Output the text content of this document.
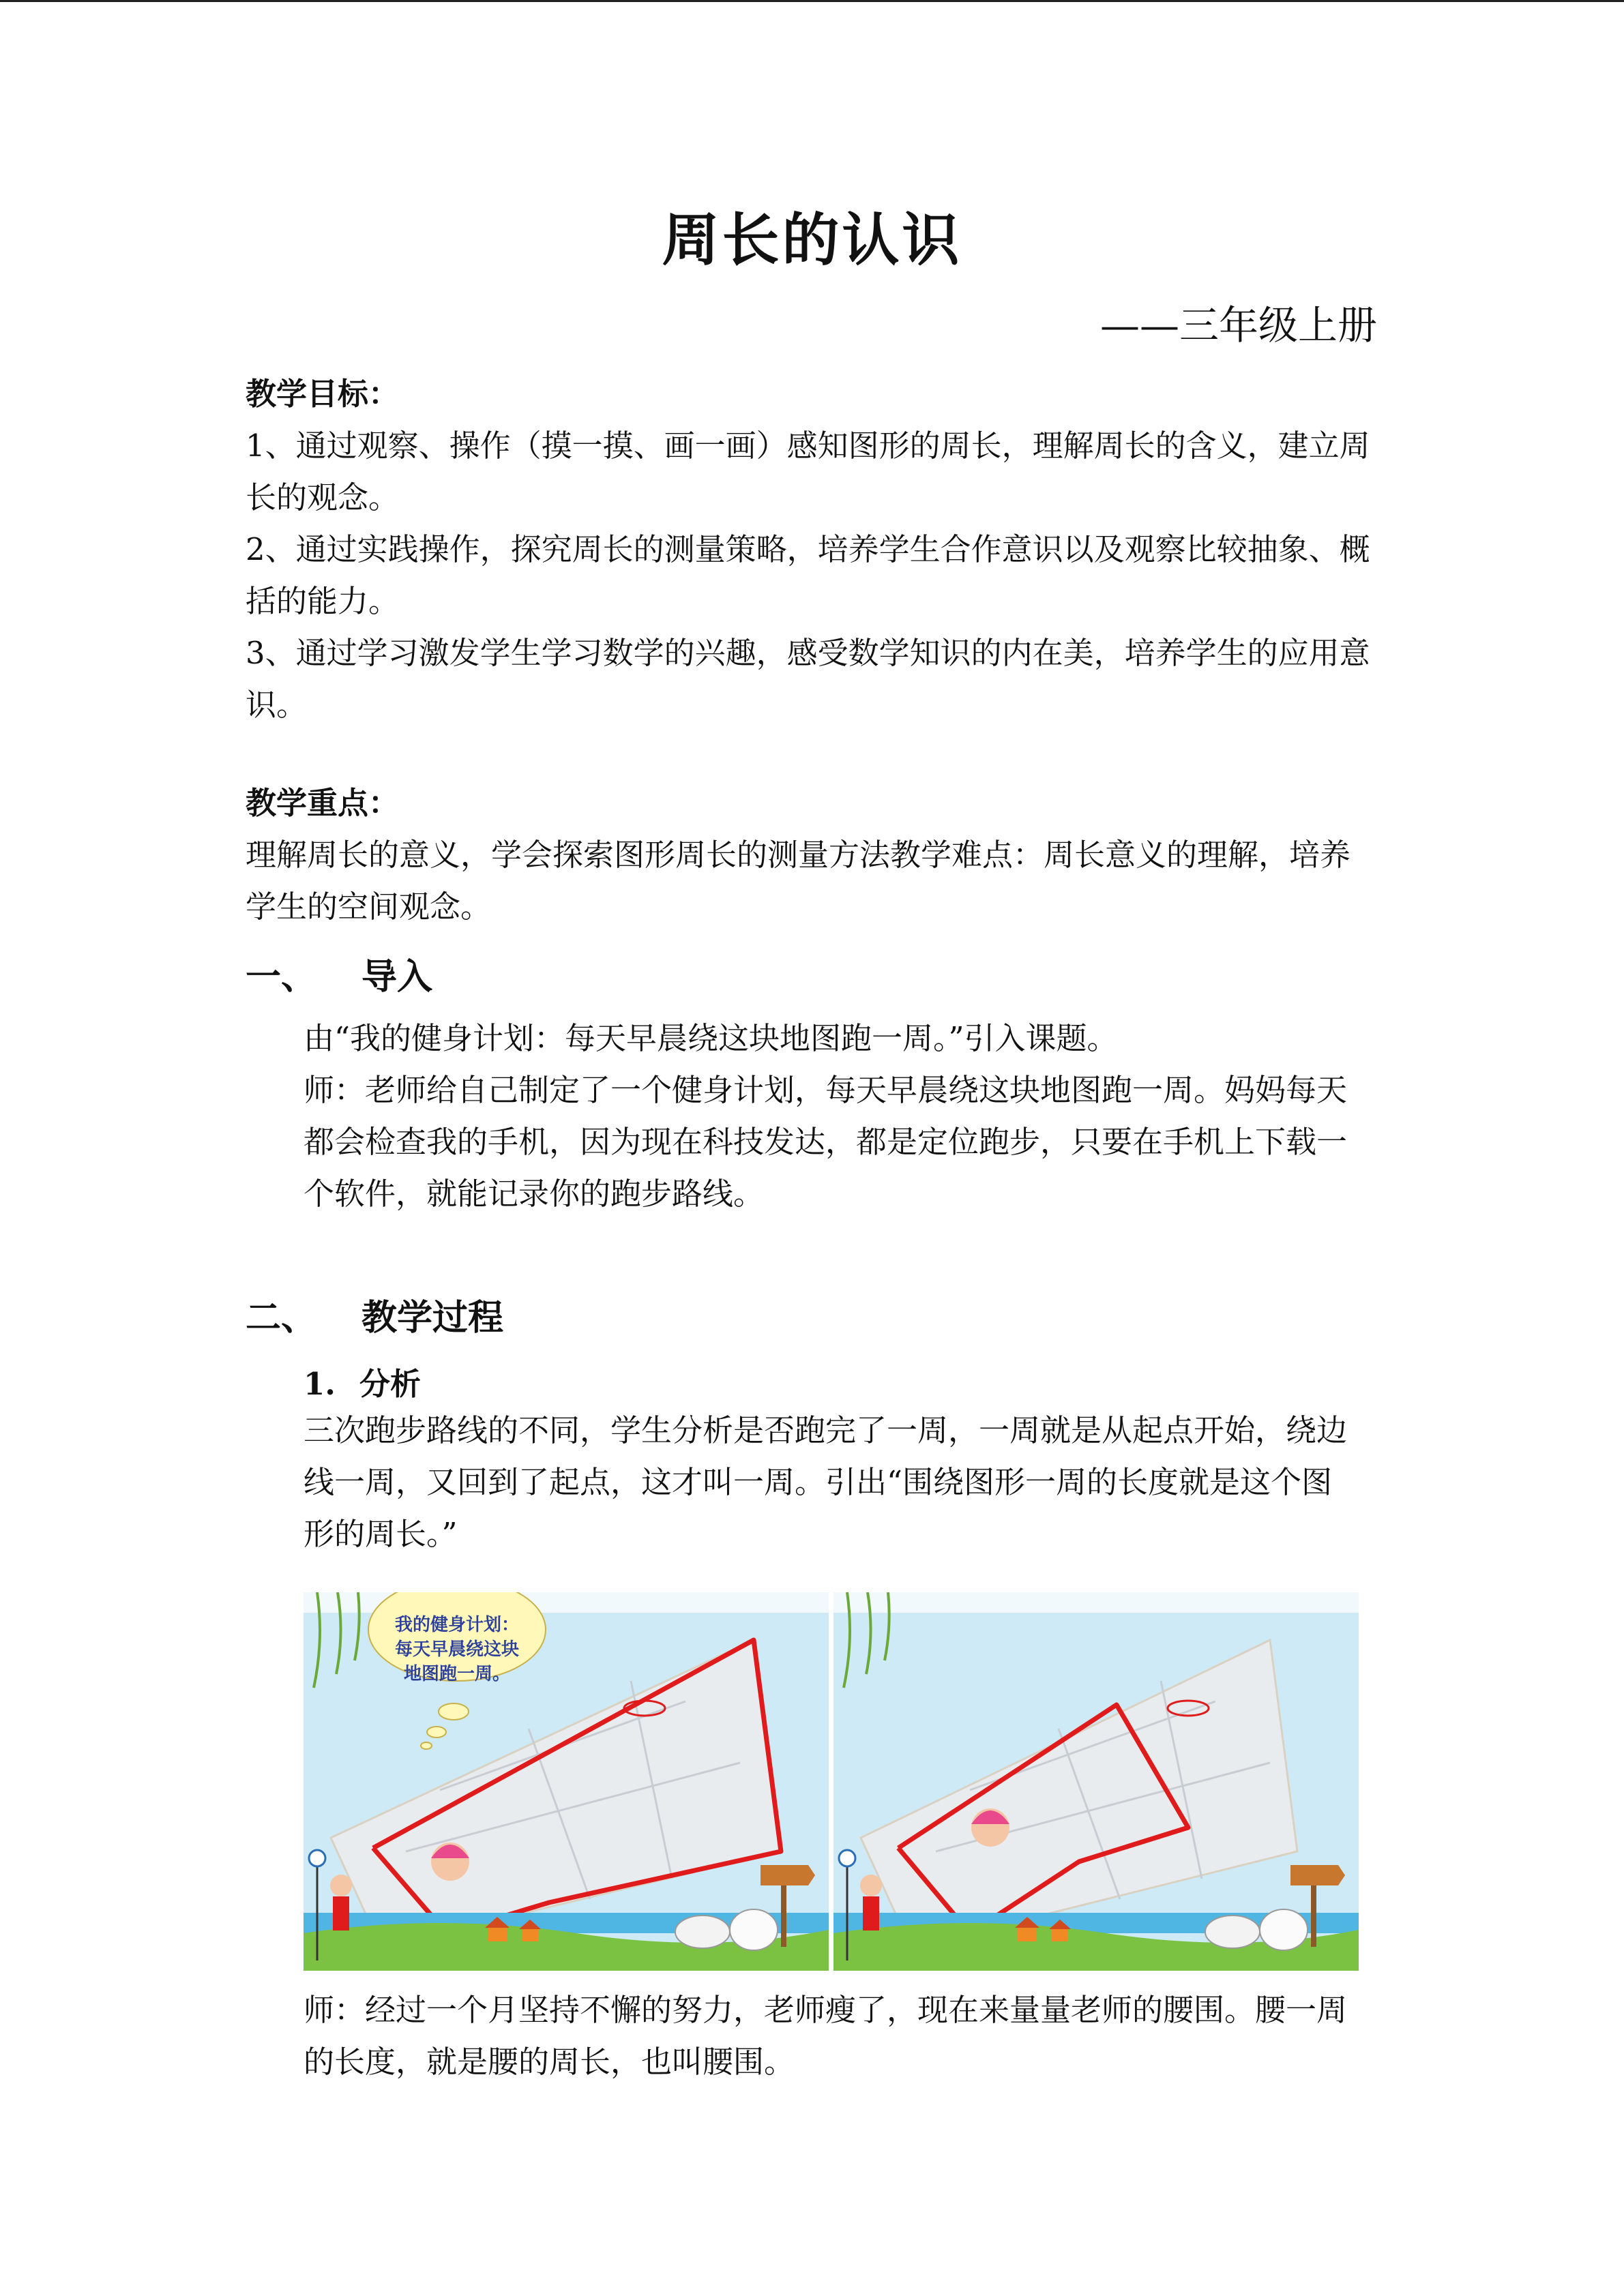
周长的认识
——三年级上册
教学目标：

1、通过观察、操作（摸一摸、画一画）感知图形的周长，理解周长的含义，建立周长的观念。

2、通过实践操作，探究周长的测量策略，培养学生合作意识以及观察比较抽象、概括的能力。

3、通过学习激发学生学习数学的兴趣，感受数学知识的内在美，培养学生的应用意识。

教学重点：

理解周长的意义，学会探索图形周长的测量方法教学难点：周长意义的理解，培养学生的空间观念。

一、 导入

由“我的健身计划：每天早晨绕这块地图跑一周。”引入课题。

师：老师给自己制定了一个健身计划，每天早晨绕这块地图跑一周。妈妈每天都会检查我的手机，因为现在科技发达，都是定位跑步，只要在手机上下载一个软件，就能记录你的跑步路线。

二、 教学过程
1. 分析

三次跑步路线的不同，学生分析是否跑完了一周，一周就是从起点开始，绕边线一周，又回到了起点，这才叫一周。引出“围绕图形一周的长度就是这个图形的周长。”

我的健身计划：
每天早晨绕这块
地图跑一周。

师：经过一个月坚持不懈的努力，老师瘦了，现在来量量老师的腰围。腰一周的长度，就是腰的周长，也叫腰围。
